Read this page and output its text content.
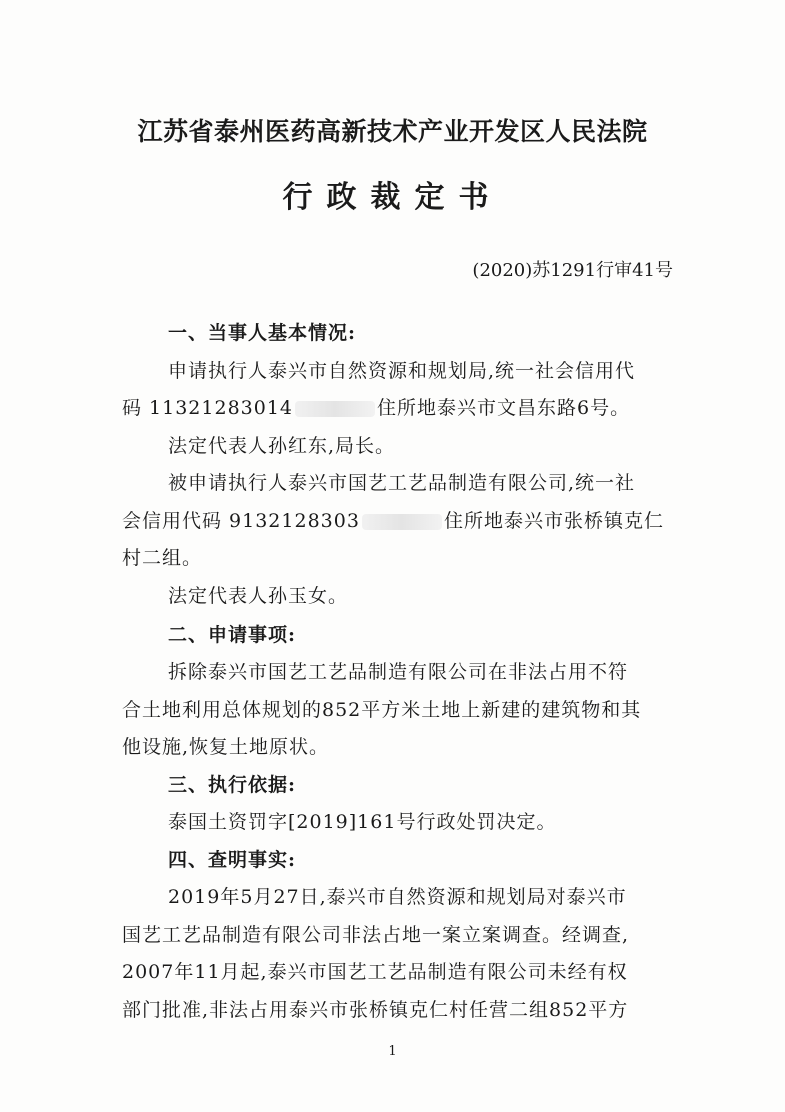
江苏省泰州医药高新技术产业开发区人民法院
行政裁定书
(2020)苏1291行审41号
一、当事人基本情况:
申请执行人泰兴市自然资源和规划局,统一社会信用代
码 11321283014	住所地泰兴市文昌东路6号。
法定代表人孙红东,局长。
被申请执行人泰兴市国艺工艺品制造有限公司,统一社
会信用代码 9132128303	住所地泰兴市张桥镇克仁
村二组。
法定代表人孙玉女。
二、申请事项:
拆除泰兴市国艺工艺品制造有限公司在非法占用不符
合土地利用总体规划的852平方米土地上新建的建筑物和其
他设施,恢复土地原状。
三、执行依据:
泰国土资罚字[2019]161号行政处罚决定。
四、查明事实:
2019年5月27日,泰兴市自然资源和规划局对泰兴市
国艺工艺品制造有限公司非法占地一案立案调查。经调查,
2007年11月起,泰兴市国艺工艺品制造有限公司未经有权
部门批准,非法占用泰兴市张桥镇克仁村任营二组852平方
1
